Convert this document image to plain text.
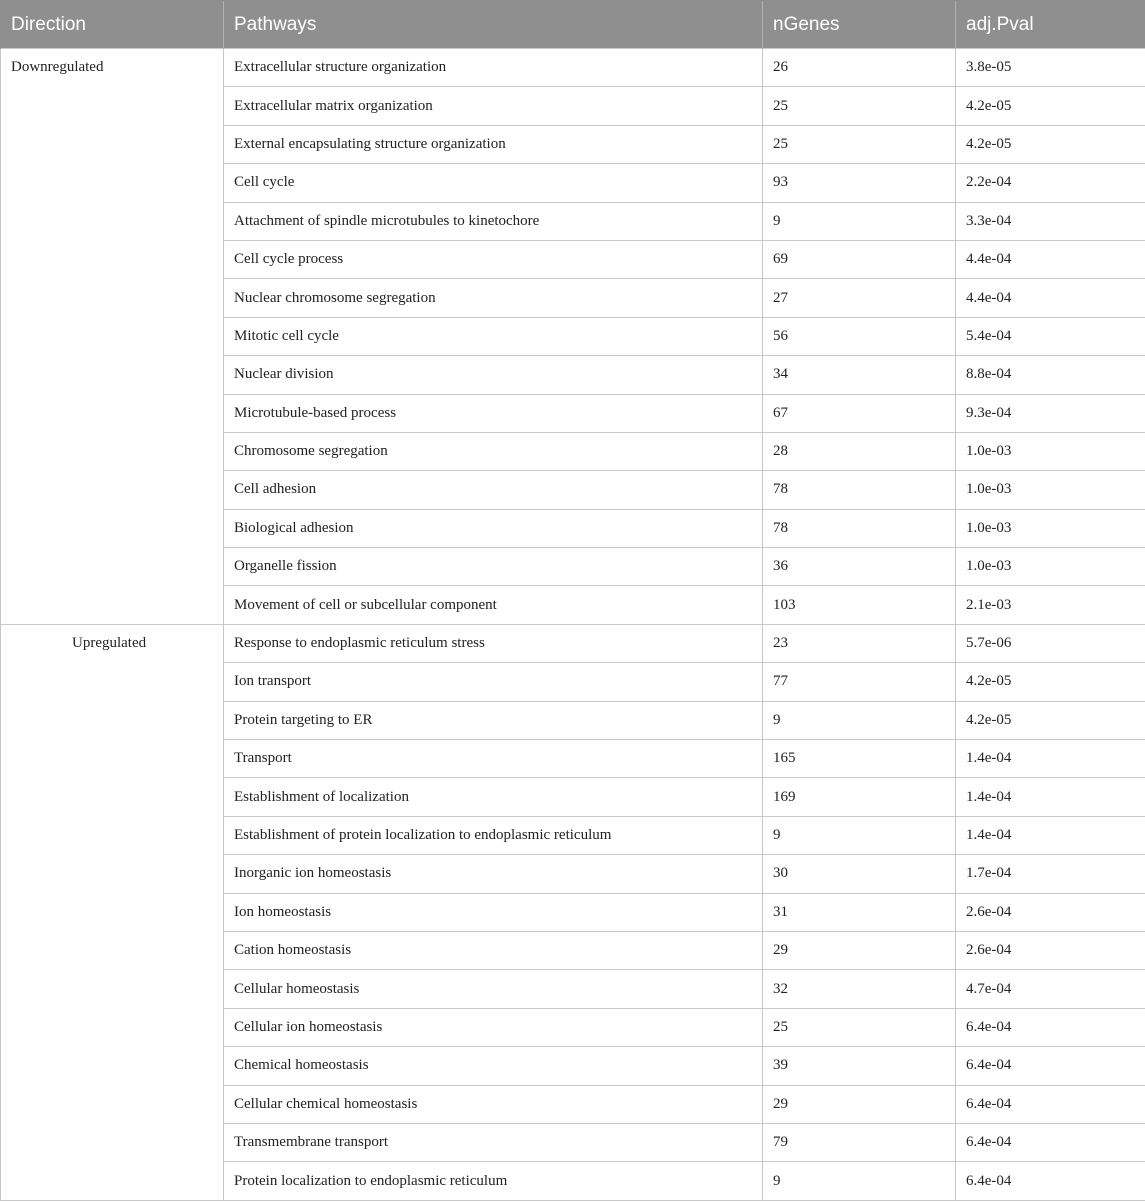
Direction	Pathways	nGenes	adj.Pval
Downregulated	Extracellular structure organization	26	3.8e-05
	Extracellular matrix organization	25	4.2e-05
	External encapsulating structure organization	25	4.2e-05
	Cell cycle	93	2.2e-04
	Attachment of spindle microtubules to kinetochore	9	3.3e-04
	Cell cycle process	69	4.4e-04
	Nuclear chromosome segregation	27	4.4e-04
	Mitotic cell cycle	56	5.4e-04
	Nuclear division	34	8.8e-04
	Microtubule-based process	67	9.3e-04
	Chromosome segregation	28	1.0e-03
	Cell adhesion	78	1.0e-03
	Biological adhesion	78	1.0e-03
	Organelle fission	36	1.0e-03
	Movement of cell or subcellular component	103	2.1e-03
Upregulated	Response to endoplasmic reticulum stress	23	5.7e-06
	Ion transport	77	4.2e-05
	Protein targeting to ER	9	4.2e-05
	Transport	165	1.4e-04
	Establishment of localization	169	1.4e-04
	Establishment of protein localization to endoplasmic reticulum	9	1.4e-04
	Inorganic ion homeostasis	30	1.7e-04
	Ion homeostasis	31	2.6e-04
	Cation homeostasis	29	2.6e-04
	Cellular homeostasis	32	4.7e-04
	Cellular ion homeostasis	25	6.4e-04
	Chemical homeostasis	39	6.4e-04
	Cellular chemical homeostasis	29	6.4e-04
	Transmembrane transport	79	6.4e-04
	Protein localization to endoplasmic reticulum	9	6.4e-04
